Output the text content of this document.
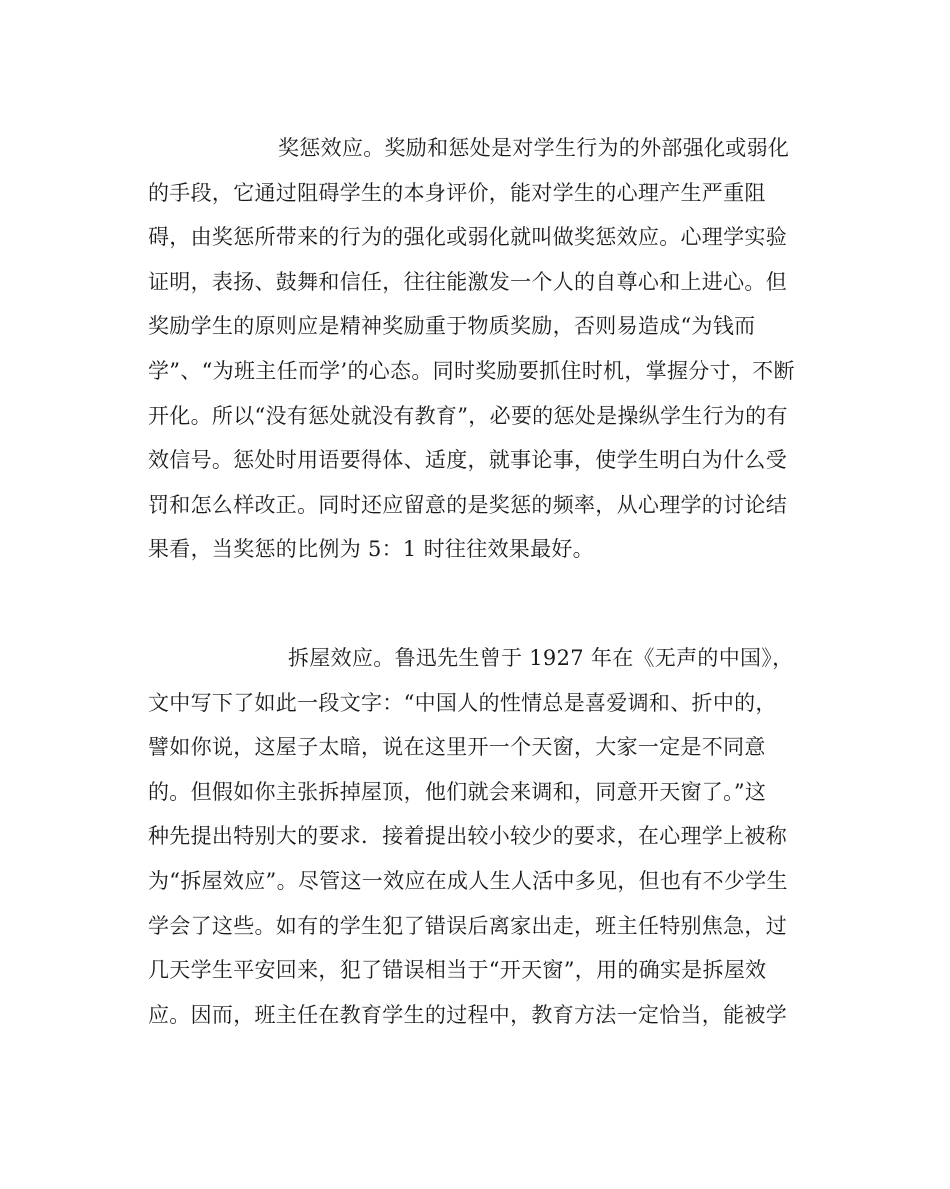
奖惩效应。奖励和惩处是对学生行为的外部强化或弱化
的手段，它通过阻碍学生的本身评价，能对学生的心理产生严重阻
碍，由奖惩所带来的行为的强化或弱化就叫做奖惩效应。心理学实验
证明，表扬、鼓舞和信任，往往能激发一个人的自尊心和上进心。但
奖励学生的原则应是精神奖励重于物质奖励，否则易造成“为钱而
学”、“为班主任而学’的心态。同时奖励要抓住时机，掌握分寸，不断
开化。所以“没有惩处就没有教育”，必要的惩处是操纵学生行为的有
效信号。惩处时用语要得体、适度，就事论事，使学生明白为什么受
罚和怎么样改正。同时还应留意的是奖惩的频率，从心理学的讨论结
果看，当奖惩的比例为 5：1 时往往效果最好。
拆屋效应。鲁迅先生曾于 1927 年在《无声的中国》，
文中写下了如此一段文字：“中国人的性情总是喜爱调和、折中的，
譬如你说，这屋子太暗，说在这里开一个天窗，大家一定是不同意
的。但假如你主张拆掉屋顶，他们就会来调和，同意开天窗了。”这
种先提出特别大的要求．接着提出较小较少的要求，在心理学上被称
为“拆屋效应”。尽管这一效应在成人生人活中多见，但也有不少学生
学会了这些。如有的学生犯了错误后离家出走，班主任特别焦急，过
几天学生平安回来，犯了错误相当于“开天窗”，用的确实是拆屋效
应。因而，班主任在教育学生的过程中，教育方法一定恰当，能被学
